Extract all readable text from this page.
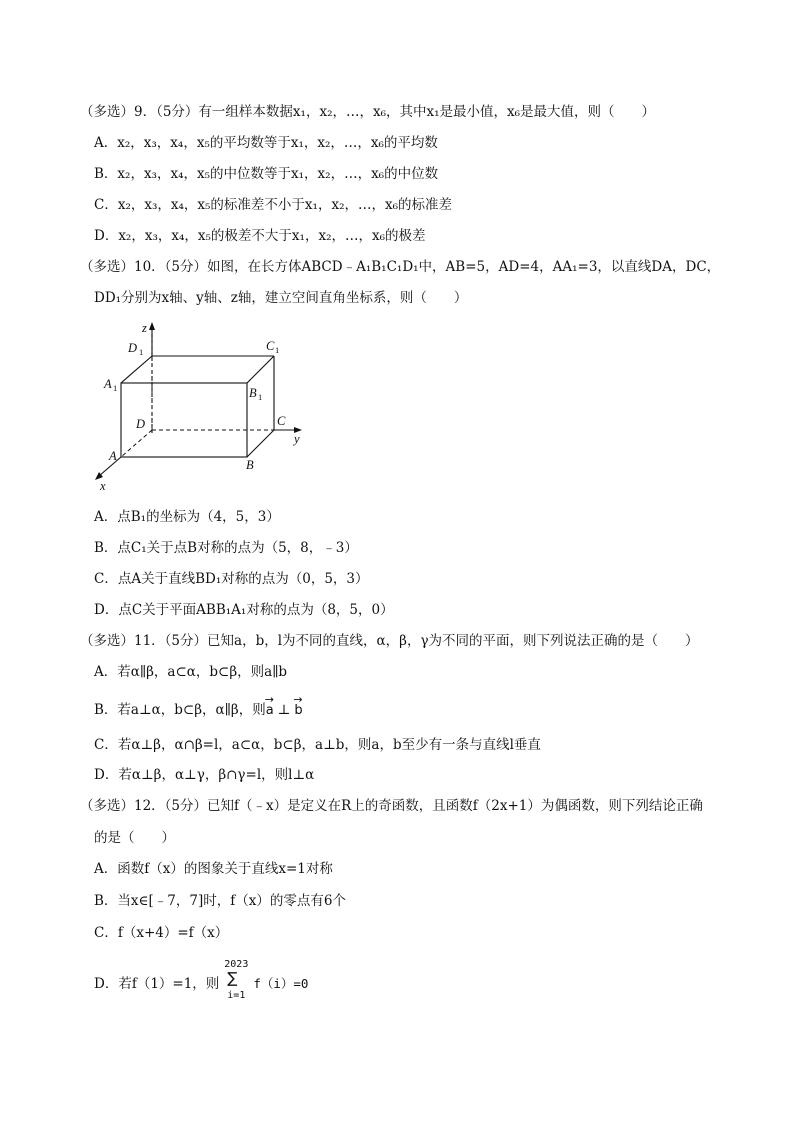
（多选）9．（5分）有一组样本数据x₁，x₂，…，x₆，其中x₁是最小值，x₆是最大值，则（　　）
A．x₂，x₃，x₄，x₅的平均数等于x₁，x₂，…，x₆的平均数
B．x₂，x₃，x₄，x₅的中位数等于x₁，x₂，…，x₆的中位数
C．x₂，x₃，x₄，x₅的标准差不小于x₁，x₂，…，x₆的标准差
D．x₂，x₃，x₄，x₅的极差不大于x₁，x₂，…，x₆的极差
（多选）10．（5分）如图，在长方体ABCD﹣A₁B₁C₁D₁中，AB=5，AD=4，AA₁=3，以直线DA，DC，
DD₁分别为x轴、y轴、z轴，建立空间直角坐标系，则（　　）
z
D 1	C 1
A 1	B 1
D	C
y
A
B
x
A．点B₁的坐标为（4，5，3）
B．点C₁关于点B对称的点为（5，8，﹣3）
C．点A关于直线BD₁对称的点为（0，5，3）
D．点C关于平面ABB₁A₁对称的点为（8，5，0）
（多选）11．（5分）已知a，b，l为不同的直线，α，β，γ为不同的平面，则下列说法正确的是（　　）
A．若α∥β，a⊂α，b⊂β，则a∥b
B．若a⊥α，b⊂β，α∥β，则→ a ⊥→ b
C．若α⊥β，α∩β=l，a⊂α，b⊂β，a⊥b，则a，b至少有一条与直线l垂直
D．若α⊥β，α⊥γ，β∩γ=l，则l⊥α
（多选）12．（5分）已知f（﹣x）是定义在R上的奇函数，且函数f（2x+1）为偶函数，则下列结论正确
的是（　　）
A．函数f（x）的图象关于直线x=1对称
B．当x∈[﹣7，7]时，f（x）的零点有6个
C．f（x+4）=f（x）
D．若f（1）=1，则
2023
∑
i=1
f（i）=0
